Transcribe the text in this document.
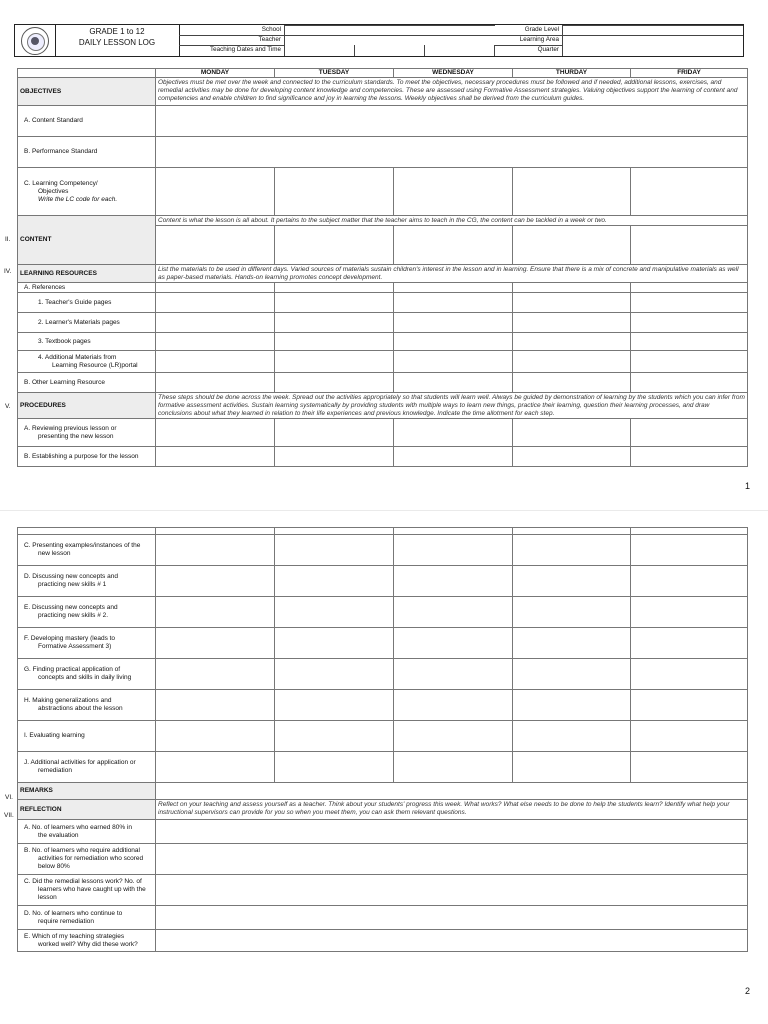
GRADE 1 to 12
DAILY LESSON LOG
School
Teacher
Teaching Dates and Time
Grade Level
Learning Area
Quarter
II.
IV.
V.
	MONDAY	TUESDAY	WEDNESDAY	THURDAY	FRIDAY
OBJECTIVES	Objectives must be met over the week and connected to the curriculum standards. To meet the objectives, necessary procedures must be followed and if needed, additional lessons, exercises, and remedial activities may be done for developing content knowledge and competencies. These are assessed using Formative Assessment strategies. Valuing objectives support the learning of content and competencies and enable children to find significance and joy in learning the lessons. Weekly objectives shall be derived from the curriculum guides.				
A. Content Standard					
B. Performance Standard					

C. Learning Competency/
Objectives
Write the LC code for each.					

CONTENT	Content is what the lesson is all about. It pertains to the subject matter that the teacher aims to teach in the CG, the content can be tackled in a week or two.				

LEARNING RESOURCES	List the materials to be used in different days. Varied sources of materials sustain children's interest in the lesson and in learning. Ensure that there is a mix of concrete and manipulative materials as well as paper-based materials. Hands-on learning promotes concept development.				
A. References					
1. Teacher's Guide pages					
2. Learner's Materials pages					
3. Textbook pages					

4. Additional Materials from
Learning Resource (LR)portal					

B. Other Learning Resource					
PROCEDURES	These steps should be done across the week. Spread out the activities appropriately so that students will learn well. Always be guided by demonstration of learning by the students which you can infer from formative assessment activities. Sustain learning systematically by providing students with multiple ways to learn new things, practice their learning, question their learning processes, and draw conclusions about what they learned in relation to their life experiences and previous knowledge. Indicate the time allotment for each step.				

A. Reviewing previous lesson or
presenting the new lesson					

B. Establishing a purpose for the lesson					
1
VI.
VII.

C. Presenting examples/instances of the
new lesson					

D. Discussing new concepts and
practicing new skills # 1					

E. Discussing new concepts and
practicing new skills # 2.					

F. Developing mastery (leads to
Formative Assessment 3)					

G. Finding practical application of
concepts and skills in daily living					

H. Making generalizations and
abstractions about the lesson					

I. Evaluating learning					

J. Additional activities for application or
remediation					

REMARKS					
REFLECTION	Reflect on your teaching and assess yourself as a teacher. Think about your students' progress this week. What works? What else needs to be done to help the students learn? Identify what help your instructional supervisors can provide for you so when you meet them, you can ask them relevant questions.				

A. No. of learners who earned 80% in
the evaluation					

B. No. of learners who require additional
activities for remediation who scored
below 80%					

C. Did the remedial lessons work? No. of
learners who have caught up with the
lesson					

D. No. of learners who continue to
require remediation					

E. Which of my teaching strategies
worked well? Why did these work?					

2
